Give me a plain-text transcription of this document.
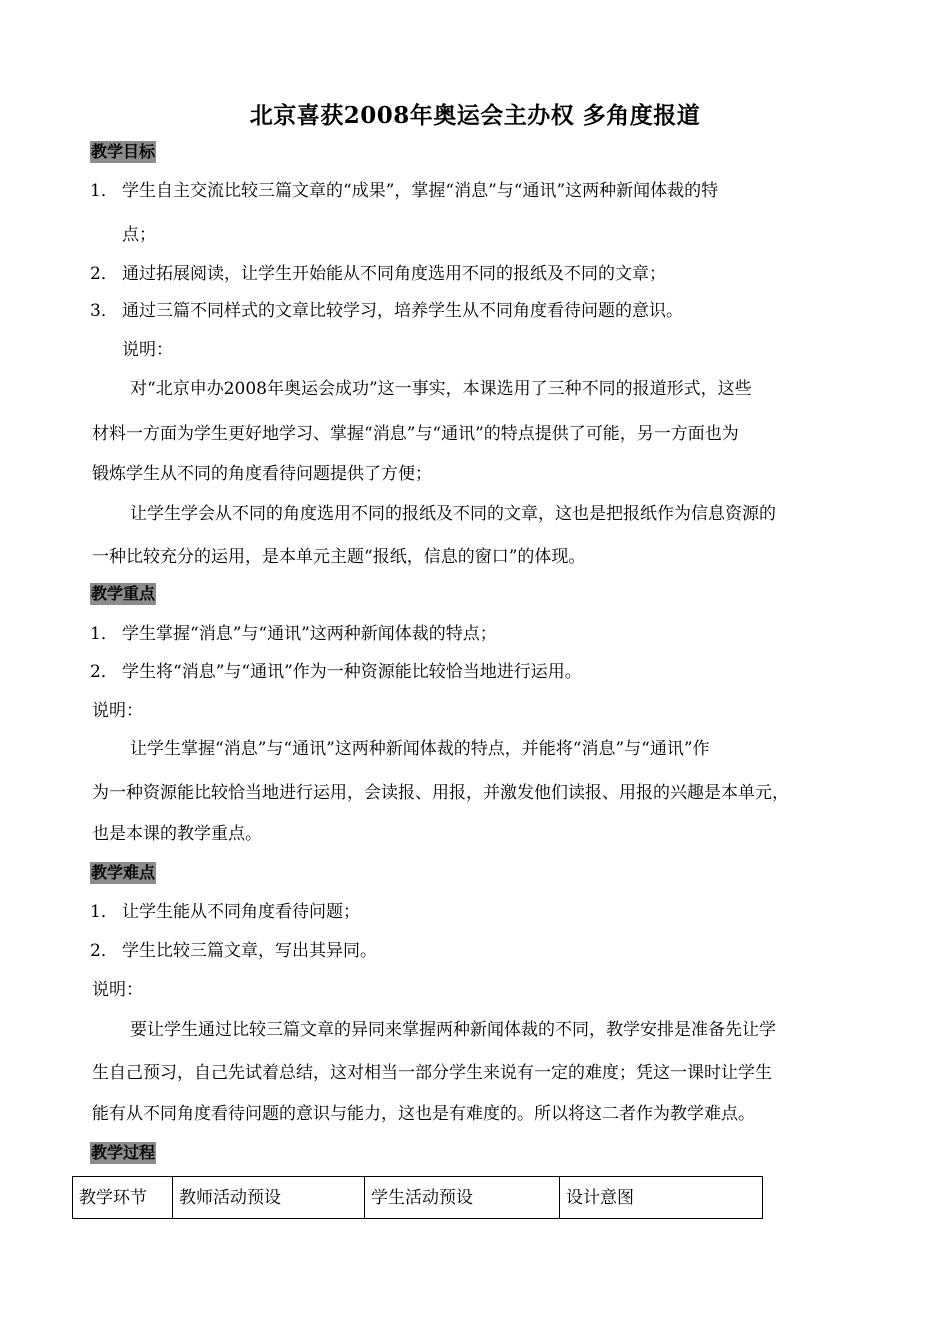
北京喜获2008年奥运会主办权 多角度报道
教学目标
1． 学生自主交流比较三篇文章的“成果”，掌握“消息”与“通讯”这两种新闻体裁的特
点；
2． 通过拓展阅读，让学生开始能从不同角度选用不同的报纸及不同的文章；
3． 通过三篇不同样式的文章比较学习，培养学生从不同角度看待问题的意识。
说明：
对“北京申办2008年奥运会成功”这一事实，本课选用了三种不同的报道形式，这些
材料一方面为学生更好地学习、掌握“消息”与“通讯”的特点提供了可能，另一方面也为
锻炼学生从不同的角度看待问题提供了方便；
让学生学会从不同的角度选用不同的报纸及不同的文章，这也是把报纸作为信息资源的
一种比较充分的运用，是本单元主题“报纸，信息的窗口”的体现。
教学重点
1． 学生掌握“消息”与“通讯”这两种新闻体裁的特点；
2． 学生将“消息”与“通讯”作为一种资源能比较恰当地进行运用。
说明：
让学生掌握“消息”与“通讯”这两种新闻体裁的特点，并能将“消息”与“通讯”作
为一种资源能比较恰当地进行运用，会读报、用报，并激发他们读报、用报的兴趣是本单元，
也是本课的教学重点。
教学难点
1． 让学生能从不同角度看待问题；
2． 学生比较三篇文章，写出其异同。
说明：
要让学生通过比较三篇文章的异同来掌握两种新闻体裁的不同，教学安排是准备先让学
生自己预习，自己先试着总结，这对相当一部分学生来说有一定的难度；凭这一课时让学生
能有从不同角度看待问题的意识与能力，这也是有难度的。所以将这二者作为教学难点。
教学过程
教学环节	教师活动预设	学生活动预设	设计意图
